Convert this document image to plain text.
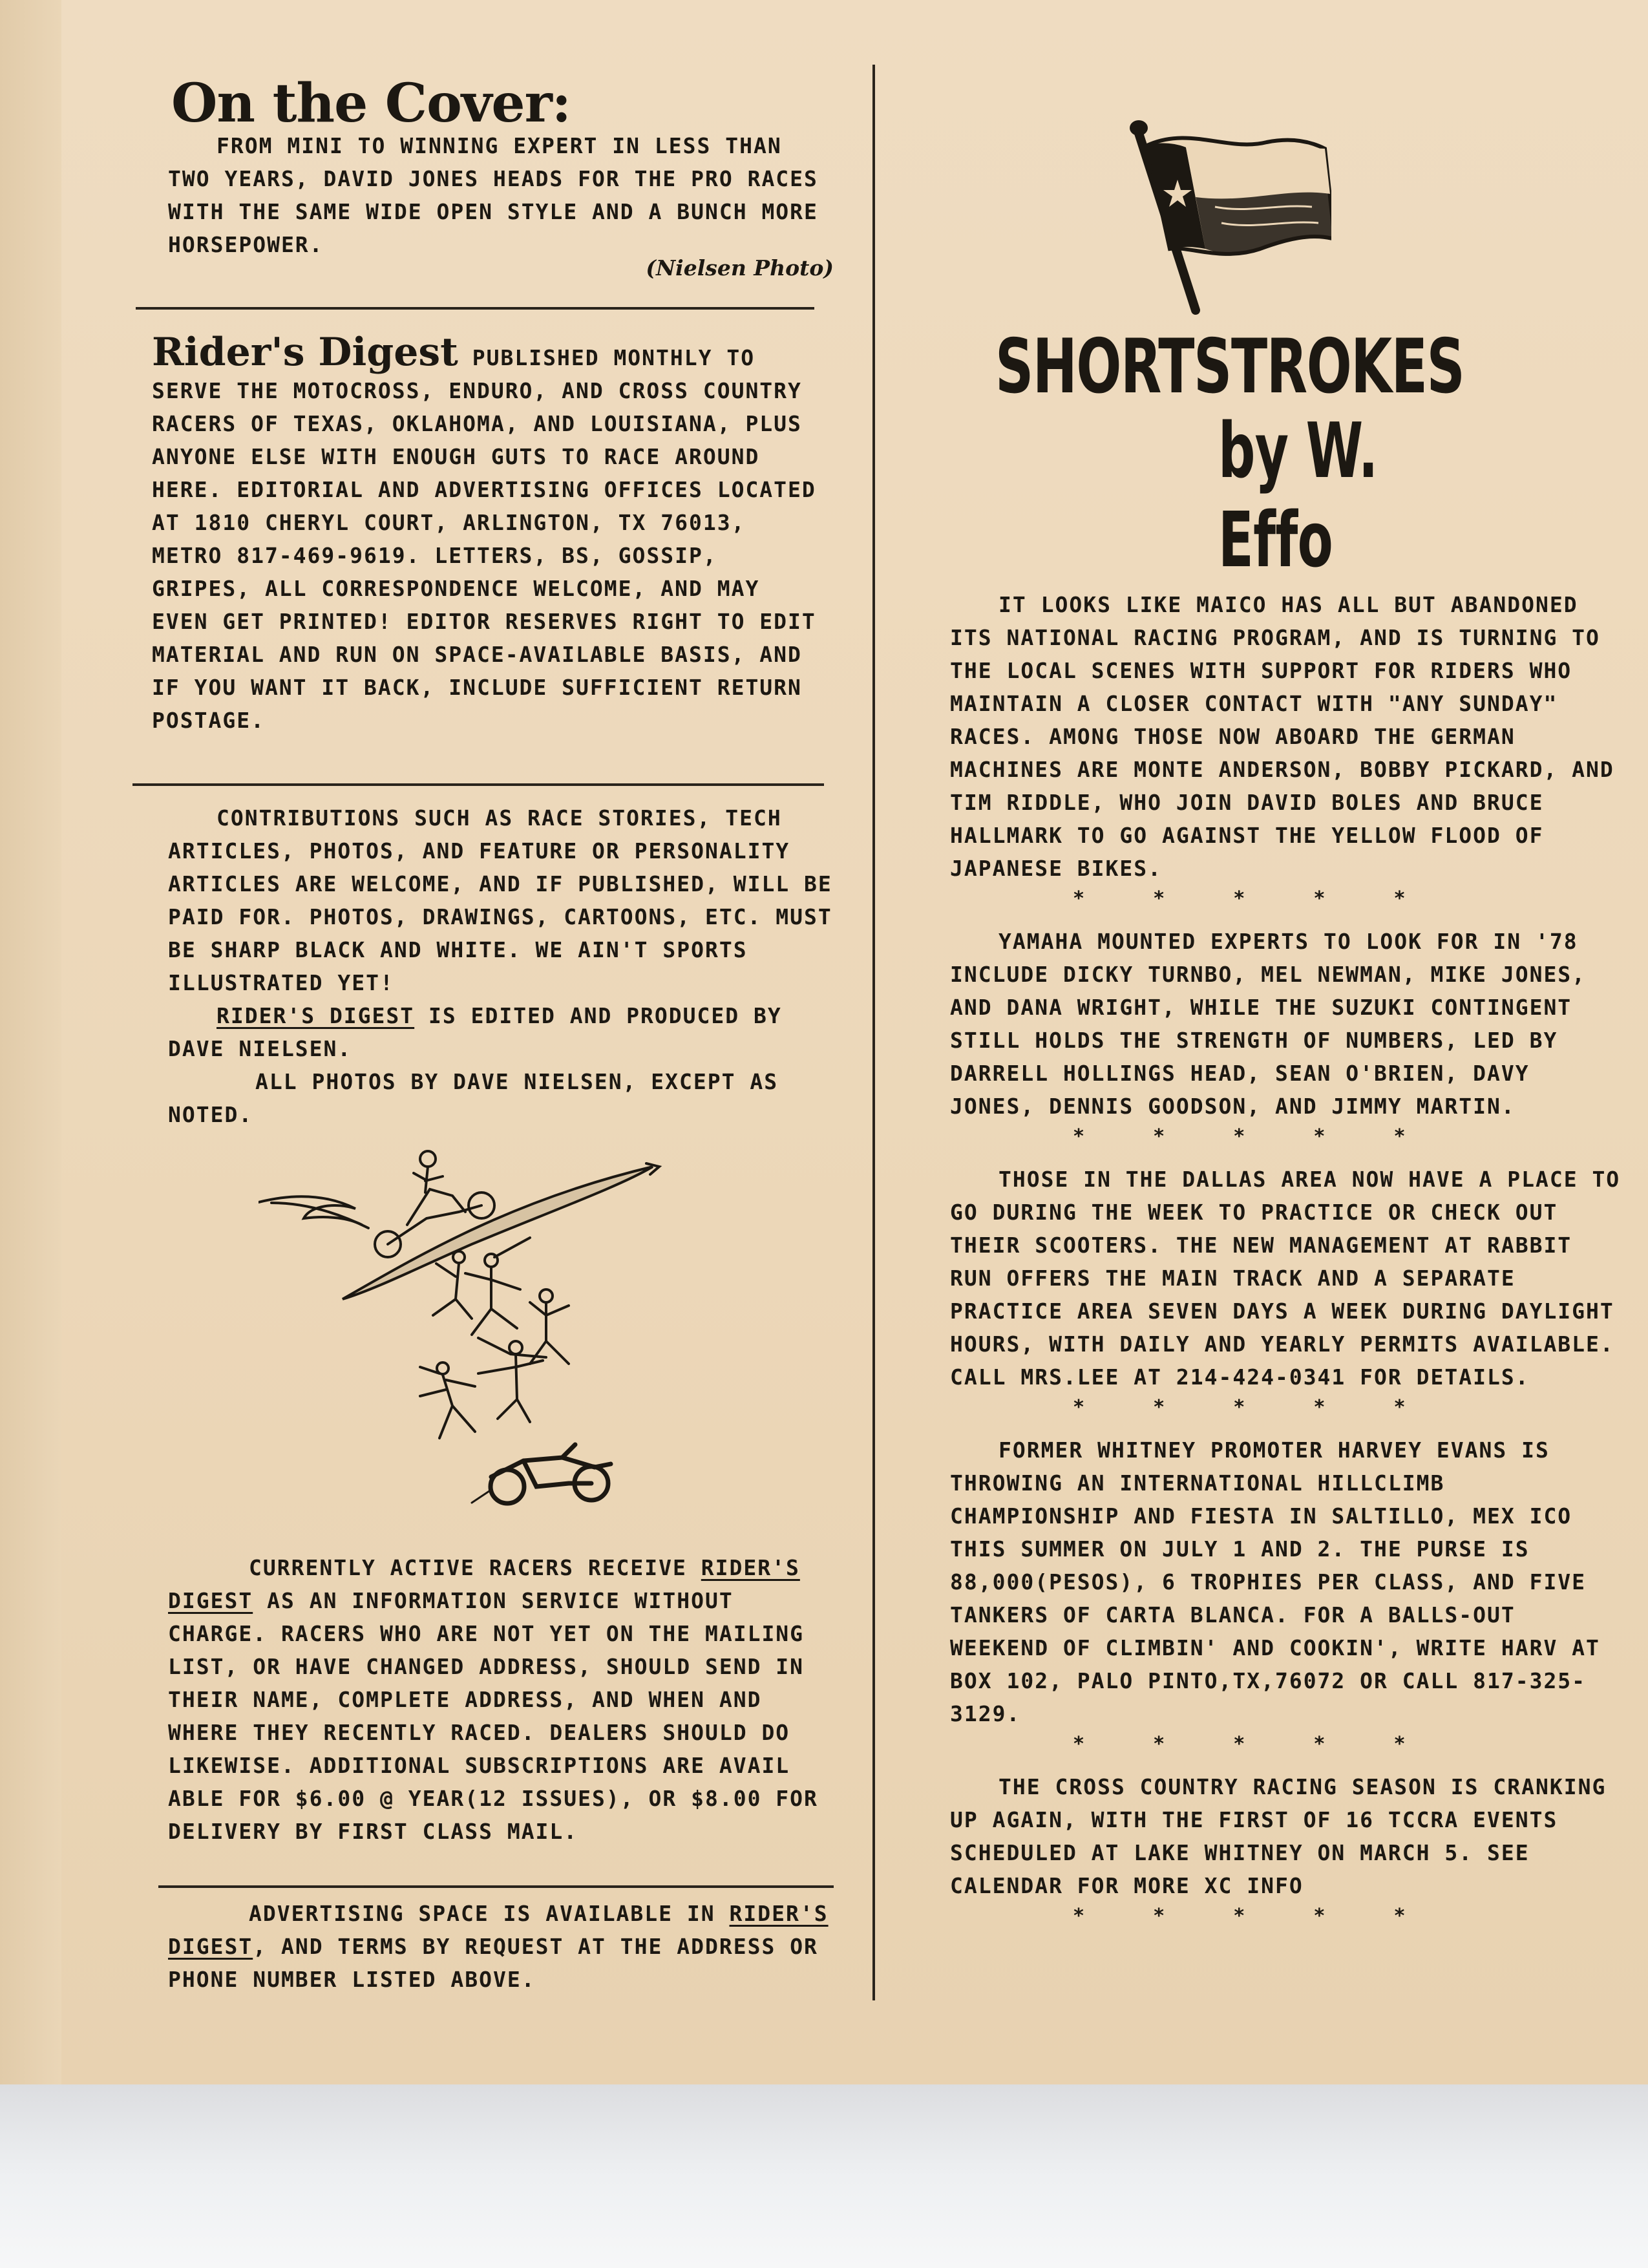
On the Cover:
FROM MINI TO WINNING EXPERT IN LESS THAN TWO YEARS, DAVID JONES HEADS FOR THE PRO RACES WITH THE SAME WIDE OPEN STYLE AND A BUNCH MORE HORSEPOWER.
(Nielsen Photo)
Rider's Digest PUBLISHED MONTHLY TO SERVE THE MOTOCROSS, ENDURO, AND CROSS COUNTRY RACERS OF TEXAS, OKLAHOMA, AND LOUISIANA, PLUS ANYONE ELSE WITH ENOUGH GUTS TO RACE AROUND HERE. EDITORIAL AND ADVERTISING OFFICES LOCATED AT 1810 CHERYL COURT, ARLINGTON, TX 76013, METRO 817-469-9619. LETTERS, BS, GOSSIP, GRIPES, ALL CORRESPONDENCE WELCOME, AND MAY EVEN GET PRINTED! EDITOR RESERVES RIGHT TO EDIT MATERIAL AND RUN ON SPACE-AVAILABLE BASIS, AND IF YOU WANT IT BACK, INCLUDE SUFFICIENT RETURN POSTAGE.

CONTRIBUTIONS SUCH AS RACE STORIES, TECH ARTICLES, PHOTOS, AND FEATURE OR PERSONALITY ARTICLES ARE WELCOME, AND IF PUBLISHED, WILL BE PAID FOR. PHOTOS, DRAWINGS, CARTOONS, ETC. MUST BE SHARP BLACK AND WHITE. WE AIN'T SPORTS ILLUSTRATED YET!

RIDER'S DIGEST IS EDITED AND PRODUCED BY DAVE NIELSEN.

ALL PHOTOS BY DAVE NIELSEN, EXCEPT AS NOTED.

CURRENTLY ACTIVE RACERS RECEIVE RIDER'S DIGEST AS AN INFORMATION SERVICE WITHOUT CHARGE. RACERS WHO ARE NOT YET ON THE MAILING LIST, OR HAVE CHANGED ADDRESS, SHOULD SEND IN THEIR NAME, COMPLETE ADDRESS, AND WHEN AND WHERE THEY RECENTLY RACED. DEALERS SHOULD DO LIKEWISE. ADDITIONAL SUBSCRIPTIONS ARE AVAIL ABLE FOR $6.00 @ YEAR(12 ISSUES), OR $8.00 FOR DELIVERY BY FIRST CLASS MAIL.
ADVERTISING SPACE IS AVAILABLE IN RIDER'S DIGEST, AND TERMS BY REQUEST AT THE ADDRESS OR PHONE NUMBER LISTED ABOVE.
SHORTSTROKES
by W. Effo

IT LOOKS LIKE MAICO HAS ALL BUT ABANDONED ITS NATIONAL RACING PROGRAM, AND IS TURNING TO THE LOCAL SCENES WITH SUPPORT FOR RIDERS WHO MAINTAIN A CLOSER CONTACT WITH "ANY SUNDAY" RACES. AMONG THOSE NOW ABOARD THE GERMAN MACHINES ARE MONTE ANDERSON, BOBBY PICKARD, AND TIM RIDDLE, WHO JOIN DAVID BOLES AND BRUCE HALLMARK TO GO AGAINST THE YELLOW FLOOD OF JAPANESE BIKES.

* * * * *

YAMAHA MOUNTED EXPERTS TO LOOK FOR IN '78 INCLUDE DICKY TURNBO, MEL NEWMAN, MIKE JONES, AND DANA WRIGHT, WHILE THE SUZUKI CONTINGENT STILL HOLDS THE STRENGTH OF NUMBERS, LED BY DARRELL HOLLINGS HEAD, SEAN O'BRIEN, DAVY JONES, DENNIS GOODSON, AND JIMMY MARTIN.

* * * * *

THOSE IN THE DALLAS AREA NOW HAVE A PLACE TO GO DURING THE WEEK TO PRACTICE OR CHECK OUT THEIR SCOOTERS. THE NEW MANAGEMENT AT RABBIT RUN OFFERS THE MAIN TRACK AND A SEPARATE PRACTICE AREA SEVEN DAYS A WEEK DURING DAYLIGHT HOURS, WITH DAILY AND YEARLY PERMITS AVAILABLE. CALL MRS.LEE AT 214-424-0341 FOR DETAILS.

* * * * *

FORMER WHITNEY PROMOTER HARVEY EVANS IS THROWING AN INTERNATIONAL HILLCLIMB CHAMPIONSHIP AND FIESTA IN SALTILLO, MEX ICO THIS SUMMER ON JULY 1 AND 2. THE PURSE IS 88,000(PESOS), 6 TROPHIES PER CLASS, AND FIVE TANKERS OF CARTA BLANCA. FOR A BALLS-OUT WEEKEND OF CLIMBIN' AND COOKIN', WRITE HARV AT BOX 102, PALO PINTO,TX,76072 OR CALL 817-325-3129.

* * * * *

THE CROSS COUNTRY RACING SEASON IS CRANKING UP AGAIN, WITH THE FIRST OF 16 TCCRA EVENTS SCHEDULED AT LAKE WHITNEY ON MARCH 5. SEE CALENDAR FOR MORE XC INFO

* * * * *
